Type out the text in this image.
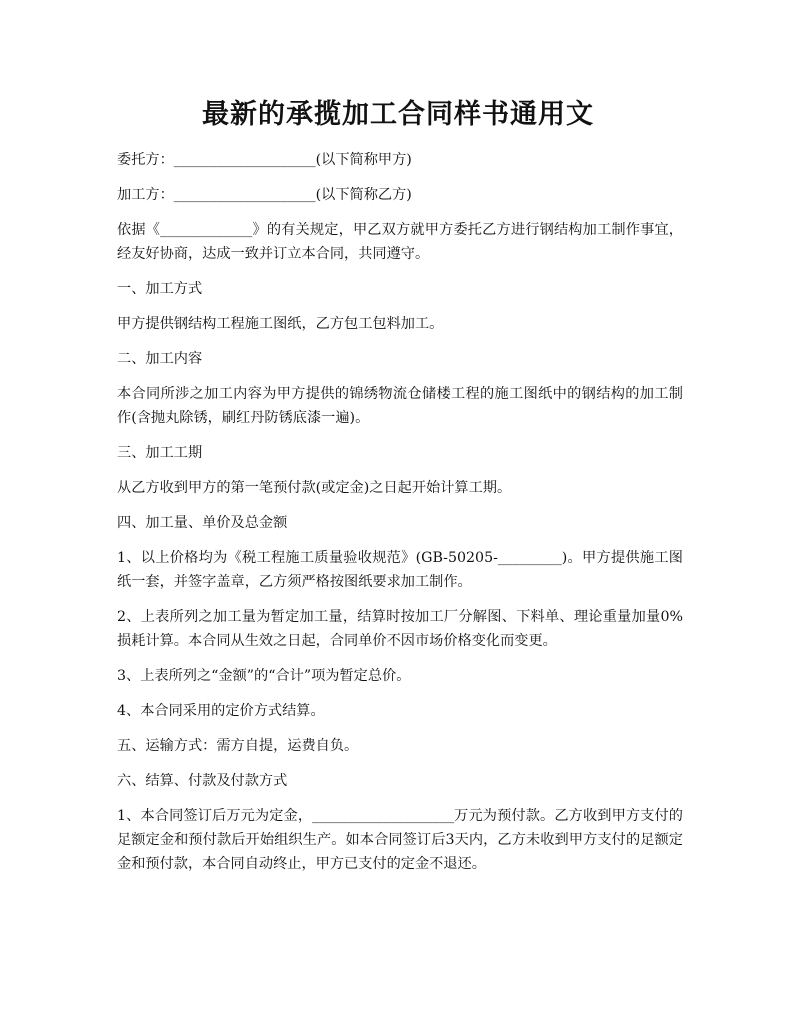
最新的承揽加工合同样书通用文

委托方：____________________(以下简称甲方)

加工方：____________________(以下简称乙方)

依据《_____________》的有关规定，甲乙双方就甲方委托乙方进行钢结构加工制作事宜，经友好协商，达成一致并订立本合同，共同遵守。

一、加工方式

甲方提供钢结构工程施工图纸，乙方包工包料加工。

二、加工内容

本合同所涉之加工内容为甲方提供的锦绣物流仓储楼工程的施工图纸中的钢结构的加工制作(含抛丸除锈，刷红丹防锈底漆一遍)。

三、加工工期

从乙方收到甲方的第一笔预付款(或定金)之日起开始计算工期。

四、加工量、单价及总金额

1、以上价格均为《税工程施工质量验收规范》(GB-50205-_________)。甲方提供施工图纸一套，并签字盖章，乙方须严格按图纸要求加工制作。

2、上表所列之加工量为暂定加工量，结算时按加工厂分解图、下料单、理论重量加量0%损耗计算。本合同从生效之日起，合同单价不因市场价格变化而变更。

3、上表所列之“金额”的“合计”项为暂定总价。

4、本合同采用的定价方式结算。

五、运输方式：需方自提，运费自负。

六、结算、付款及付款方式

1、本合同签订后万元为定金，____________________万元为预付款。乙方收到甲方支付的足额定金和预付款后开始组织生产。如本合同签订后3天内，乙方未收到甲方支付的足额定金和预付款，本合同自动终止，甲方已支付的定金不退还。
